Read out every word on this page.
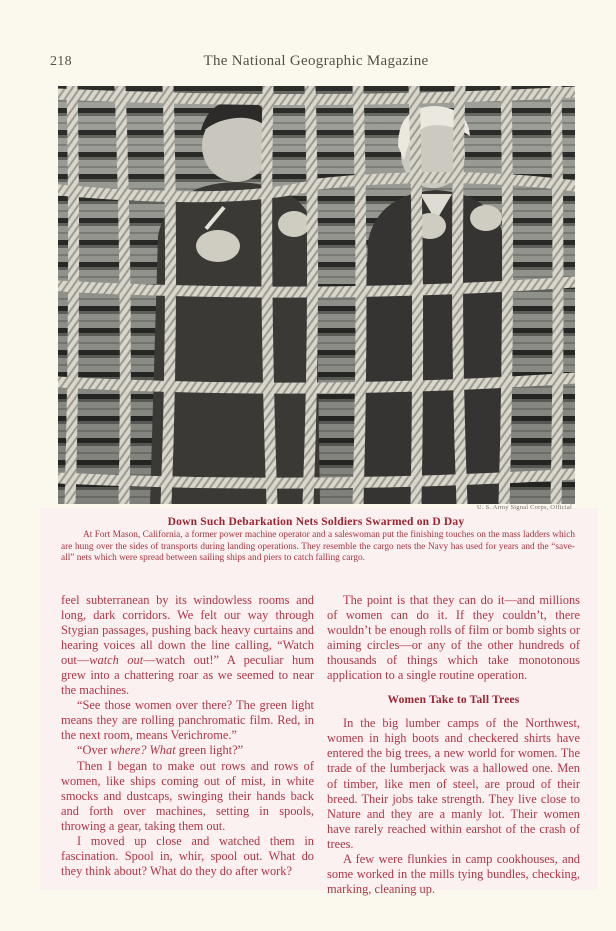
218	The National Geographic Magazine
U. S. Army Signal Corps, Official
Down Such Debarkation Nets Soldiers Swarmed on D Day
At Fort Mason, California, a former power machine operator and a saleswoman put the finishing touches on the mass ladders which are hung over the sides of transports during landing operations. They resemble the cargo nets the Navy has used for years and the “save-all” nets which were spread between sailing ships and piers to catch falling cargo.

feel subterranean by its windowless rooms and long, dark corridors. We felt our way through Stygian passages, pushing back heavy curtains and hearing voices all down the line calling, “Watch out—watch out—watch out!” A peculiar hum grew into a chattering roar as we seemed to near the machines.

“See those women over there? The green light means they are rolling panchromatic film. Red, in the next room, means Verichrome.”

“Over where? What green light?”

Then I began to make out rows and rows of women, like ships coming out of mist, in white smocks and dustcaps, swinging their hands back and forth over machines, setting in spools, throwing a gear, taking them out.

I moved up close and watched them in fascination. Spool in, whir, spool out. What do they think about? What do they do after work?

The point is that they can do it—and millions of women can do it. If they couldn’t, there wouldn’t be enough rolls of film or bomb sights or aiming circles—or any of the other hundreds of thousands of things which take monotonous application to a single routine operation.

Women Take to Tall Trees

In the big lumber camps of the Northwest, women in high boots and checkered shirts have entered the big trees, a new world for women. The trade of the lumberjack was a hallowed one. Men of timber, like men of steel, are proud of their breed. Their jobs take strength. They live close to Nature and they are a manly lot. Their women have rarely reached within earshot of the crash of trees.

A few were flunkies in camp cookhouses, and some worked in the mills tying bundles, checking, marking, cleaning up.
